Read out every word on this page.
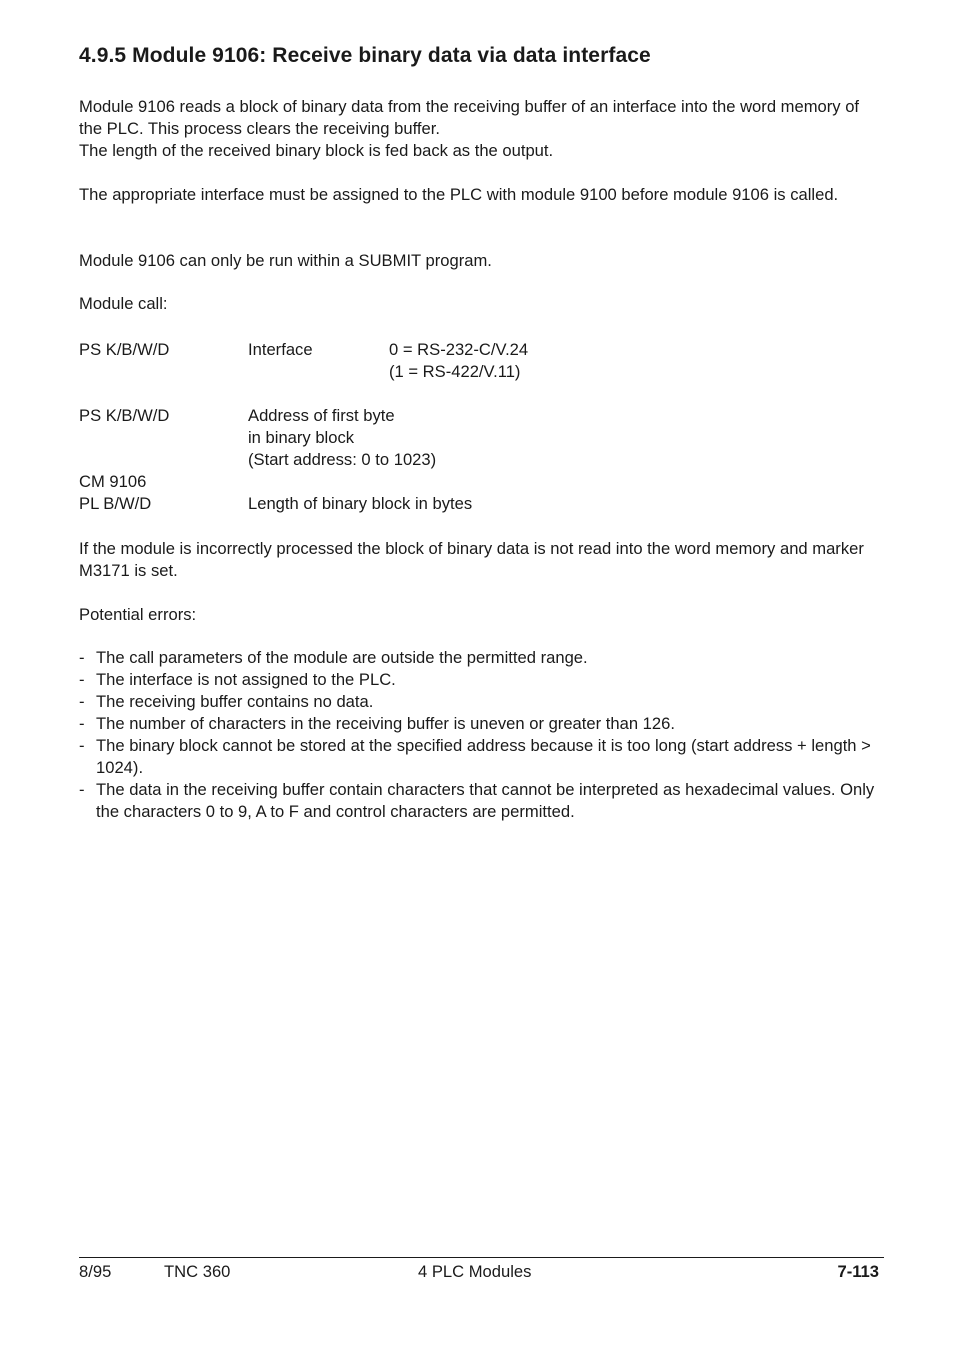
4.9.5 Module 9106: Receive binary data via data interface

Module 9106 reads a block of binary data from the receiving buffer of an interface into the word memory of the PLC. This process clears the receiving buffer.

The length of the received binary block is fed back as the output.

The appropriate interface must be assigned to the PLC with module 9100 before module 9106 is called.

Module 9106 can only be run within a SUBMIT program.

Module call:

PS K/B/W/D	Interface	0 = RS-232-C/V.24
(1 = RS-422/V.11)
PS K/B/W/D	Address of first byte
in binary block
(Start address: 0 to 1023)
CM 9106
PL B/W/D	Length of binary block in bytes

If the module is incorrectly processed the block of binary data is not read into the word memory and marker M3171 is set.

Potential errors:

- The call parameters of the module are outside the permitted range.
- The interface is not assigned to the PLC.
- The receiving buffer contains no data.
- The number of characters in the receiving buffer is uneven or greater than 126.
- The binary block cannot be stored at the specified address because it is too long (start address + length > 1024).
- The data in the receiving buffer contain characters that cannot be interpreted as hexadecimal values. Only the characters 0 to 9, A to F and control characters are permitted.
8/95	TNC 360	4 PLC Modules	7-113
